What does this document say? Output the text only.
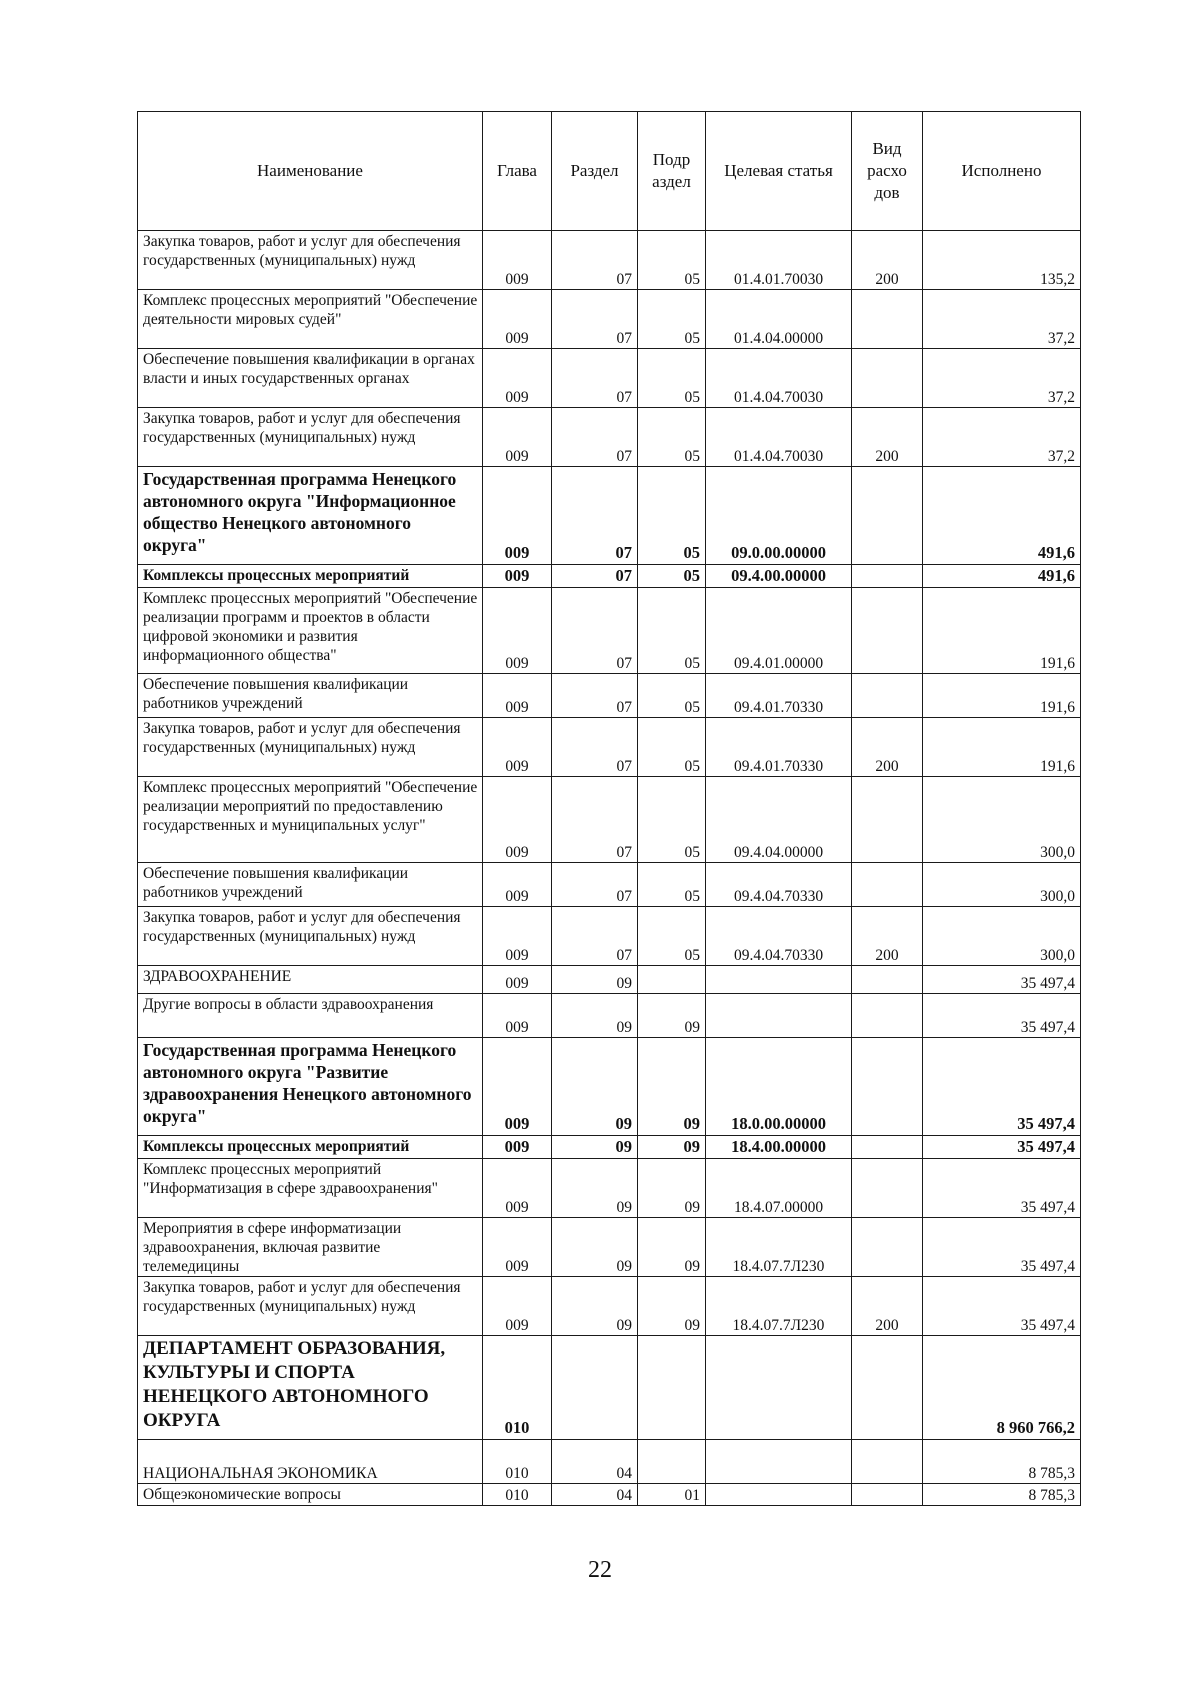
Наименование	Глава	Раздел	Подр аздел	Целевая статья	Вид расхо дов	Исполнено
Закупка товаров, работ и услуг для обеспечения государственных (муниципальных) нужд	009	07	05	01.4.01.70030	200	135,2
Комплекс процессных мероприятий "Обеспечение деятельности мировых судей"	009	07	05	01.4.04.00000		37,2
Обеспечение повышения квалификации в органах власти и иных государственных органах	009	07	05	01.4.04.70030		37,2
Закупка товаров, работ и услуг для обеспечения государственных (муниципальных) нужд	009	07	05	01.4.04.70030	200	37,2
Государственная программа Ненецкого автономного округа "Информационное общество Ненецкого автономного округа"	009	07	05	09.0.00.00000		491,6
Комплексы процессных мероприятий	009	07	05	09.4.00.00000		491,6
Комплекс процессных мероприятий "Обеспечение реализации программ и проектов в области цифровой экономики и развития информационного общества"	009	07	05	09.4.01.00000		191,6
Обеспечение повышения квалификации работников учреждений	009	07	05	09.4.01.70330		191,6
Закупка товаров, работ и услуг для обеспечения государственных (муниципальных) нужд	009	07	05	09.4.01.70330	200	191,6
Комплекс процессных мероприятий "Обеспечение реализации мероприятий по предоставлению государственных и муниципальных услуг"	009	07	05	09.4.04.00000		300,0
Обеспечение повышения квалификации работников учреждений	009	07	05	09.4.04.70330		300,0
Закупка товаров, работ и услуг для обеспечения государственных (муниципальных) нужд	009	07	05	09.4.04.70330	200	300,0
ЗДРАВООХРАНЕНИЕ	009	09				35 497,4
Другие вопросы в области здравоохранения	009	09	09			35 497,4
Государственная программа Ненецкого автономного округа "Развитие здравоохранения Ненецкого автономного округа"	009	09	09	18.0.00.00000		35 497,4
Комплексы процессных мероприятий	009	09	09	18.4.00.00000		35 497,4
Комплекс процессных мероприятий "Информатизация в сфере здравоохранения"	009	09	09	18.4.07.00000		35 497,4
Мероприятия в сфере информатизации здравоохранения, включая развитие телемедицины	009	09	09	18.4.07.7Л230		35 497,4
Закупка товаров, работ и услуг для обеспечения государственных (муниципальных) нужд	009	09	09	18.4.07.7Л230	200	35 497,4
ДЕПАРТАМЕНТ ОБРАЗОВАНИЯ, КУЛЬТУРЫ И СПОРТА НЕНЕЦКОГО АВТОНОМНОГО ОКРУГА	010					8 960 766,2
НАЦИОНАЛЬНАЯ ЭКОНОМИКА	010	04				8 785,3
Общеэкономические вопросы	010	04	01			8 785,3
22
